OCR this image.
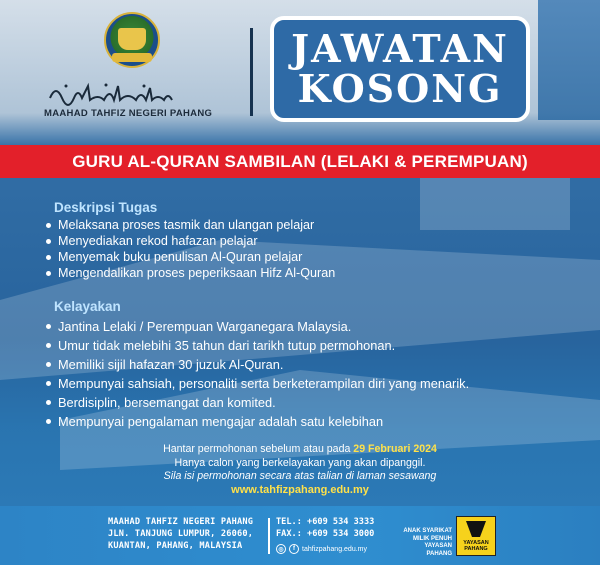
MAAHAD TAHFIZ NEGERI PAHANG
JAWATAN
KOSONG
GURU AL-QURAN SAMBILAN (LELAKI & PEREMPUAN)
Deskripsi Tugas
Melaksana proses tasmik dan ulangan pelajar
Menyediakan rekod hafazan pelajar
Menyemak buku penulisan Al-Quran pelajar
Mengendalikan proses peperiksaan Hifz Al-Quran
Kelayakan
Jantina Lelaki / Perempuan Warganegara Malaysia.
Umur tidak melebihi 35 tahun dari tarikh tutup permohonan.
Memiliki sijil hafazan 30 juzuk Al-Quran.
Mempunyai sahsiah, personaliti serta berketerampilan diri yang menarik.
Berdisiplin, bersemangat dan komited.
Mempunyai pengalaman mengajar adalah satu kelebihan
Hantar permohonan sebelum atau pada 29 Februari 2024
Hanya calon yang berkelayakan yang akan dipanggil.
Sila isi permohonan secara atas talian di laman sesawang
www.tahfizpahang.edu.my
MAAHAD TAHFIZ NEGERI PAHANG
JLN. TANJUNG LUMPUR, 26060,
KUANTAN, PAHANG, MALAYSIA
TEL.: +609 534 3333
FAX.: +609 534 3000
◎	f	tahfizpahang.edu.my
ANAK SYARIKAT
MILIK PENUH
YAYASAN PAHANG
YAYASAN
PAHANG
